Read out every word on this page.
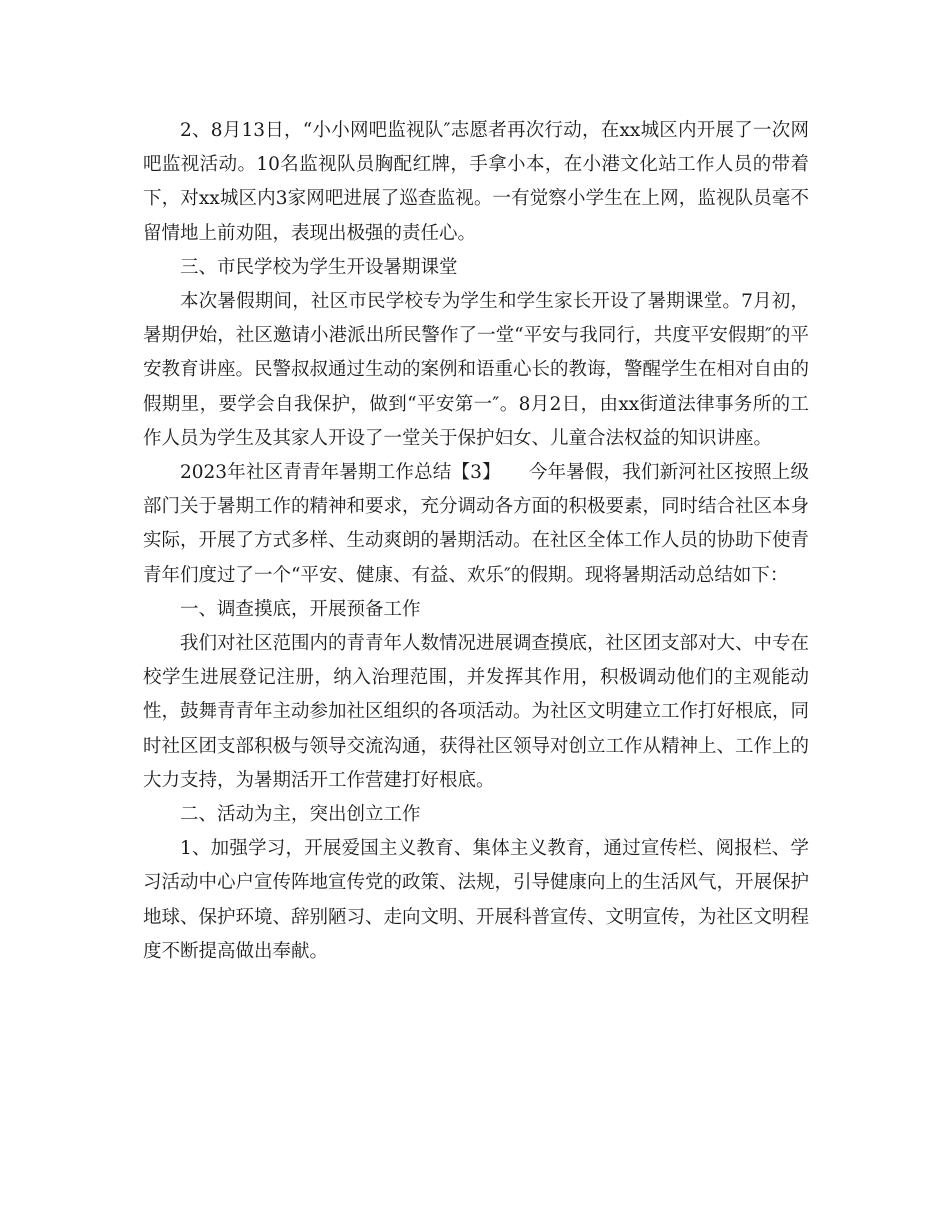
2、8月13日，“小小网吧监视队″志愿者再次行动，在xx城区内开展了一次网吧监视活动。10名监视队员胸配红牌，手拿小本，在小港文化站工作人员的带着下，对xx城区内3家网吧进展了巡查监视。一有觉察小学生在上网，监视队员毫不留情地上前劝阻，表现出极强的责任心。

三、市民学校为学生开设暑期课堂

本次暑假期间，社区市民学校专为学生和学生家长开设了暑期课堂。7月初，暑期伊始，社区邀请小港派出所民警作了一堂“平安与我同行，共度平安假期″的平安教育讲座。民警叔叔通过生动的案例和语重心长的教诲，警醒学生在相对自由的假期里，要学会自我保护，做到“平安第一″。8月2日，由xx街道法律事务所的工作人员为学生及其家人开设了一堂关于保护妇女、儿童合法权益的知识讲座。

2023年社区青青年暑期工作总结【3】　　今年暑假，我们新河社区按照上级部门关于暑期工作的精神和要求，充分调动各方面的积极要素，同时结合社区本身实际，开展了方式多样、生动爽朗的暑期活动。在社区全体工作人员的协助下使青青年们度过了一个“平安、健康、有益、欢乐″的假期。现将暑期活动总结如下：

一、调查摸底，开展预备工作

我们对社区范围内的青青年人数情况进展调查摸底，社区团支部对大、中专在校学生进展登记注册，纳入治理范围，并发挥其作用，积极调动他们的主观能动性，鼓舞青青年主动参加社区组织的各项活动。为社区文明建立工作打好根底，同时社区团支部积极与领导交流沟通，获得社区领导对创立工作从精神上、工作上的大力支持，为暑期活开工作营建打好根底。

二、活动为主，突出创立工作

1、加强学习，开展爱国主义教育、集体主义教育，通过宣传栏、阅报栏、学习活动中心户宣传阵地宣传党的政策、法规，引导健康向上的生活风气，开展保护地球、保护环境、辞别陋习、走向文明、开展科普宣传、文明宣传，为社区文明程度不断提高做出奉献。
